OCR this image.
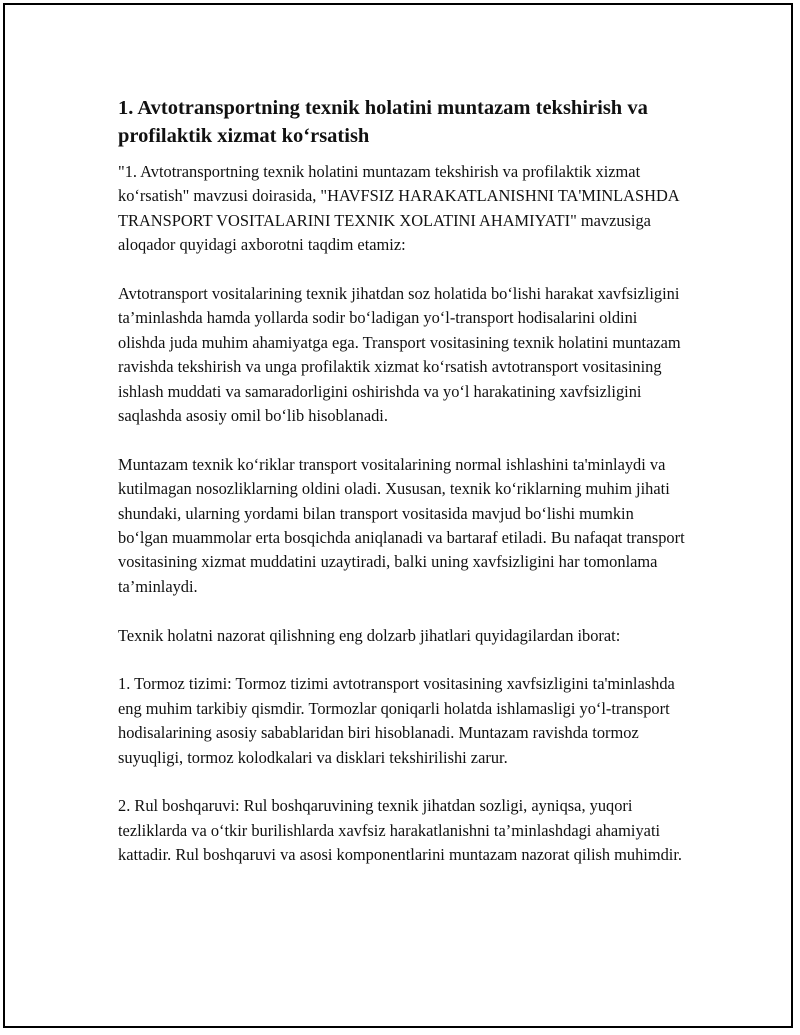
1. Avtotransportning texnik holatini muntazam tekshirish va profilaktik xizmat ko‘rsatish

"1. Avtotransportning texnik holatini muntazam tekshirish va profilaktik xizmat ko‘rsatish" mavzusi doirasida, "HAVFSIZ HARAKATLANISHNI TA'MINLASHDA TRANSPORT VOSITALARINI TEXNIK XOLATINI AHAMIYATI" mavzusiga aloqador quyidagi axborotni taqdim etamiz:

Avtotransport vositalarining texnik jihatdan soz holatida bo‘lishi harakat xavfsizligini ta’minlashda hamda yollarda sodir bo‘ladigan yo‘l-transport hodisalarini oldini olishda juda muhim ahamiyatga ega. Transport vositasining texnik holatini muntazam ravishda tekshirish va unga profilaktik xizmat ko‘rsatish avtotransport vositasining ishlash muddati va samaradorligini oshirishda va yo‘l harakatining xavfsizligini saqlashda asosiy omil bo‘lib hisoblanadi.

Muntazam texnik ko‘riklar transport vositalarining normal ishlashini ta'minlaydi va kutilmagan nosozliklarning oldini oladi. Xususan, texnik ko‘riklarning muhim jihati shundaki, ularning yordami bilan transport vositasida mavjud bo‘lishi mumkin bo‘lgan muammolar erta bosqichda aniqlanadi va bartaraf etiladi. Bu nafaqat transport vositasining xizmat muddatini uzaytiradi, balki uning xavfsizligini har tomonlama ta’minlaydi.

Texnik holatni nazorat qilishning eng dolzarb jihatlari quyidagilardan iborat:

1. Tormoz tizimi: Tormoz tizimi avtotransport vositasining xavfsizligini ta'minlashda eng muhim tarkibiy qismdir. Tormozlar qoniqarli holatda ishlamasligi yo‘l-transport hodisalarining asosiy sabablaridan biri hisoblanadi. Muntazam ravishda tormoz suyuqligi, tormoz kolodkalari va disklari tekshirilishi zarur.

2. Rul boshqaruvi: Rul boshqaruvining texnik jihatdan sozligi, ayniqsa, yuqori tezliklarda va o‘tkir burilishlarda xavfsiz harakatlanishni ta’minlashdagi ahamiyati kattadir. Rul boshqaruvi va asosi komponentlarini muntazam nazorat qilish muhimdir.
